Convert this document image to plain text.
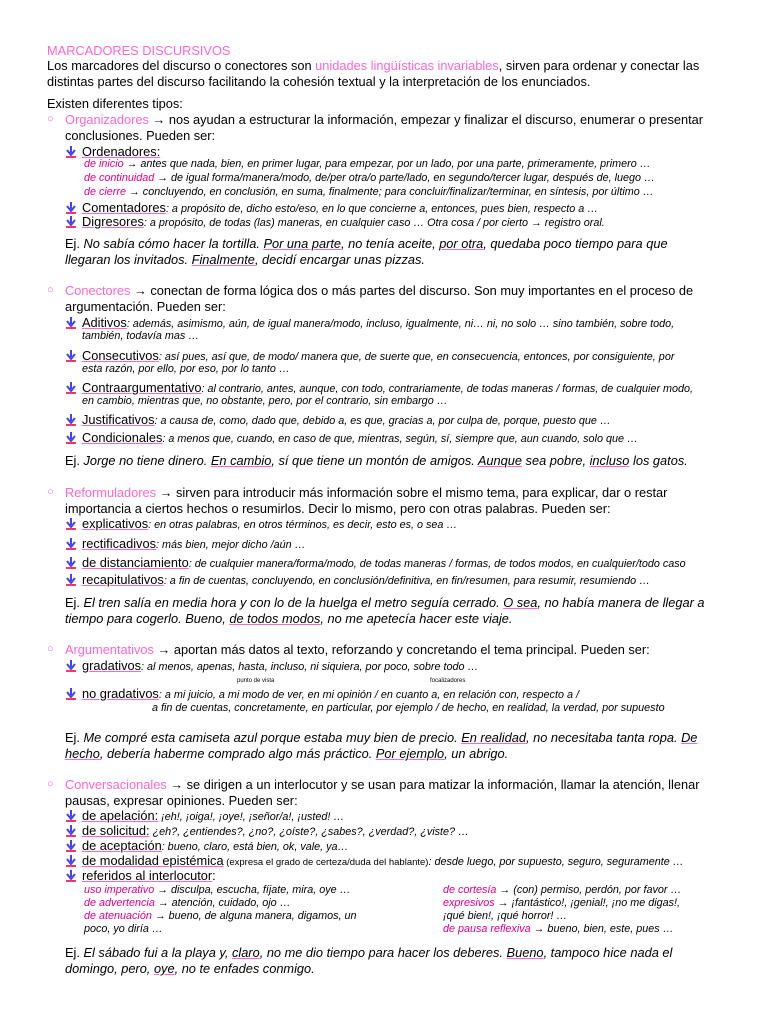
MARCADORES DISCURSIVOS
Los marcadores del discurso o conectores son unidades lingüísticas invariables, sirven para ordenar y conectar las
distintas partes del discurso facilitando la cohesión textual y la interpretación de los enunciados.
Existen diferentes tipos:
○ Organizadores → nos ayudan a estructurar la información, empezar y finalizar el discurso, enumerar o presentar
conclusiones. Pueden ser:
Ordenadores:
de inicio → antes que nada, bien, en primer lugar, para empezar, por un lado, por una parte, primeramente, primero …
de continuidad → de igual forma/manera/modo, de/per otra/o parte/lado, en segundo/tercer lugar, después de, luego …
de cierre → concluyendo, en conclusión, en suma, finalmente; para concluir/finalizar/terminar, en síntesis, por último …
Comentadores: a propósito de, dicho esto/eso, en lo que concierne a, entonces, pues bien, respecto a …
Digresores: a propósito, de todas (las) maneras, en cualquier caso … Otra cosa / por cierto → registro oral.
Ej. No sabía cómo hacer la tortilla. Por una parte, no tenía aceite, por otra, quedaba poco tiempo para que
llegaran los invitados. Finalmente, decidí encargar unas pizzas.
○ Conectores → conectan de forma lógica dos o más partes del discurso. Son muy importantes en el proceso de
argumentación. Pueden ser:
Aditivos: además, asimismo, aún, de igual manera/modo, incluso, igualmente, ni… ni, no solo … sino también, sobre todo,
también, todavía mas …
Consecutivos: así pues, así que, de modo/ manera que, de suerte que, en consecuencia, entonces, por consiguiente, por
esta razón, por ello, por eso, por lo tanto …
Contraargumentativo: al contrario, antes, aunque, con todo, contrariamente, de todas maneras / formas, de cualquier modo,
en cambio, mientras que, no obstante, pero, por el contrario, sin embargo …
Justificativos: a causa de, como, dado que, debido a, es que, gracias a, por culpa de, porque, puesto que …
Condicionales: a menos que, cuando, en caso de que, mientras, según, sí, siempre que, aun cuando, solo que …
Ej. Jorge no tiene dinero. En cambio, sí que tiene un montón de amigos. Aunque sea pobre, incluso los gatos.
○ Reformuladores → sirven para introducir más información sobre el mismo tema, para explicar, dar o restar
importancia a ciertos hechos o resumirlos. Decir lo mismo, pero con otras palabras. Pueden ser:
explicativos: en otras palabras, en otros términos, es decir, esto es, o sea …
rectificadivos: más bien, mejor dicho /aún …
de distanciamiento: de cualquier manera/forma/modo, de todas maneras / formas, de todos modos, en cualquier/todo caso
recapitulativos: a fin de cuentas, concluyendo, en conclusión/definitiva, en fin/resumen, para resumir, resumiendo …
Ej. El tren salía en media hora y con lo de la huelga el metro seguía cerrado. O sea, no había manera de llegar a
tiempo para cogerlo. Bueno, de todos modos, no me apetecía hacer este viaje.
○ Argumentativos → aportan más datos al texto, reforzando y concretando el tema principal. Pueden ser:
gradativos: al menos, apenas, hasta, incluso, ni siquiera, por poco, sobre todo …
punto de vista	focalizadores
no gradativos: a mi juicio, a mi modo de ver, en mi opinión / en cuanto a, en relación con, respecto a /
a fin de cuentas, concretamente, en particular, por ejemplo / de hecho, en realidad, la verdad, por supuesto
Ej. Me compré esta camiseta azul porque estaba muy bien de precio. En realidad, no necesitaba tanta ropa. De
hecho, debería haberme comprado algo más práctico. Por ejemplo, un abrigo.
○ Conversacionales → se dirigen a un interlocutor y se usan para matizar la información, llamar la atención, llenar
pausas, expresar opiniones. Pueden ser:
de apelación: ¡eh!, ¡oiga!, ¡oye!, ¡señor/a!, ¡usted! …
de solicitud: ¿eh?, ¿entiendes?, ¿no?, ¿oíste?, ¿sabes?, ¿verdad?, ¿viste? …
de aceptación: bueno, claro, está bien, ok, vale, ya…
de modalidad epistémica (expresa el grado de certeza/duda del hablante): desde luego, por supuesto, seguro, seguramente …
referidos al interlocutor:
uso imperativo → disculpa, escucha, fíjate, mira, oye …
de advertencia → atención, cuidado, ojo …
de atenuación → bueno, de alguna manera, digamos, un
poco, yo diría …
de cortesía → (con) permiso, perdón, por favor …
expresivos → ¡fantástico!, ¡genial!, ¡no me digas!,
¡qué bien!, ¡qué horror! …
de pausa reflexiva → bueno, bien, este, pues …
Ej. El sábado fui a la playa y, claro, no me dio tiempo para hacer los deberes. Bueno, tampoco hice nada el
domingo, pero, oye, no te enfades conmigo.
